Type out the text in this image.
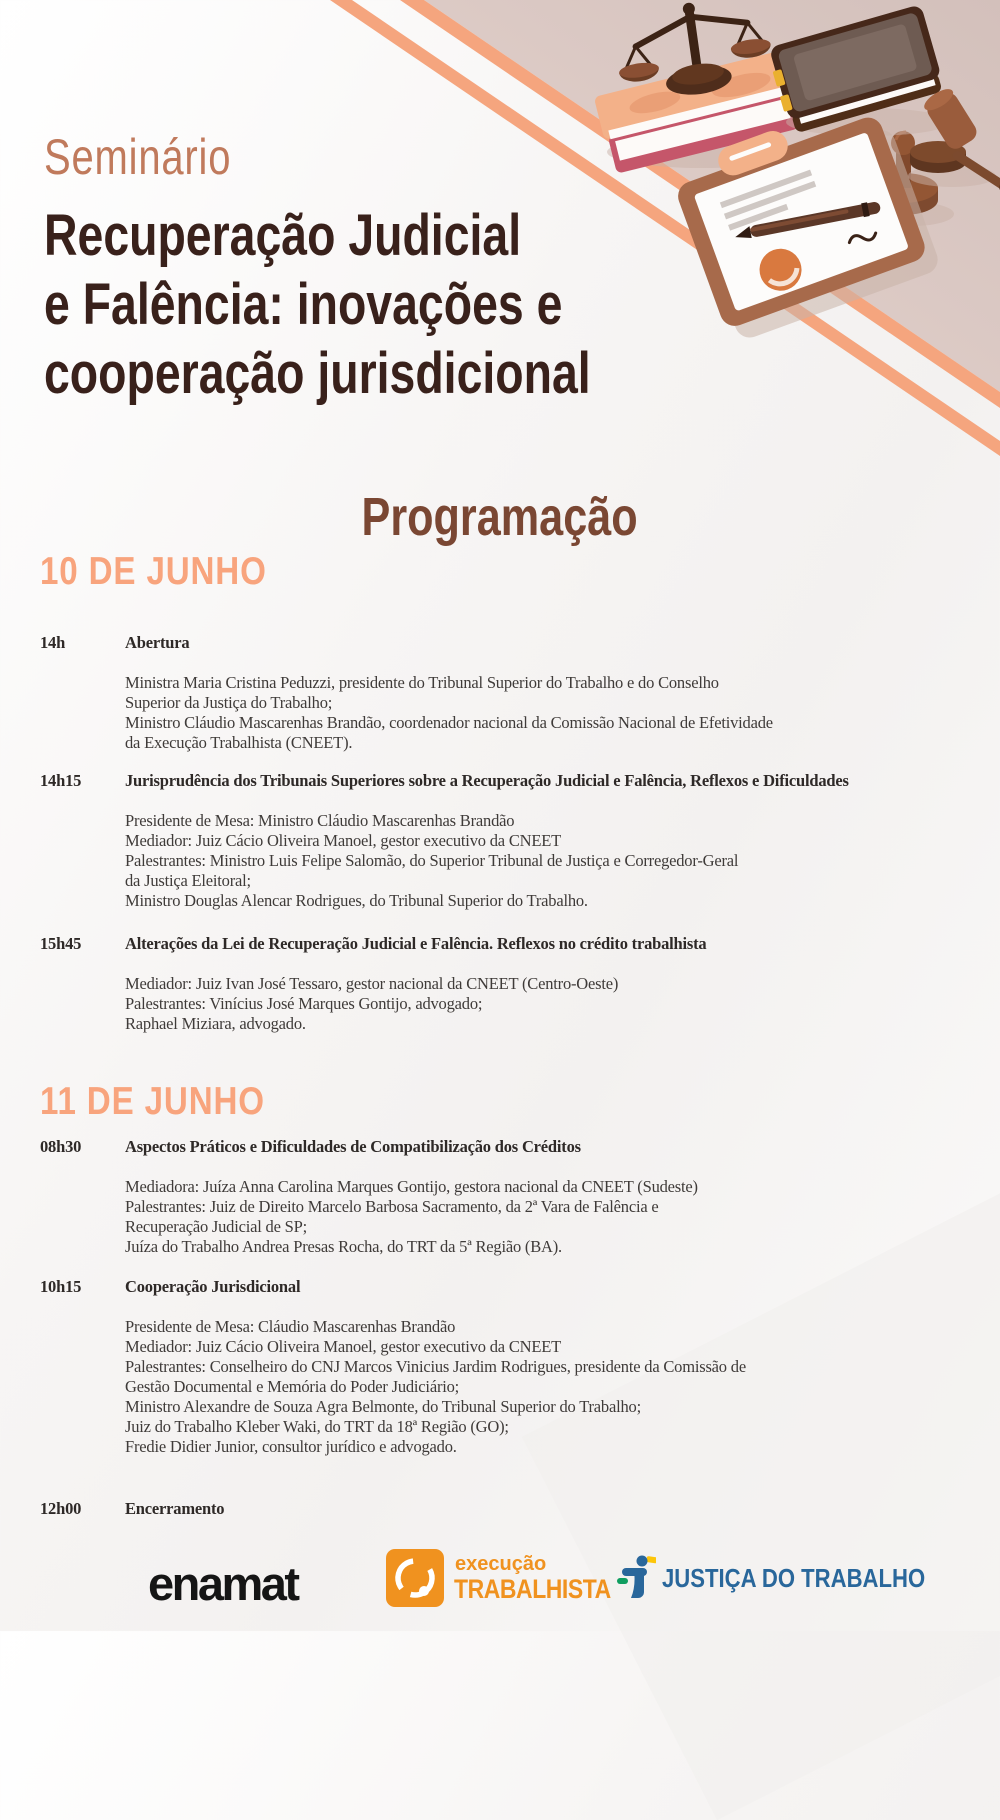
Seminário
Recuperação Judicial
e Falência: inovações e
cooperação jurisdicional
Programação
10 DE JUNHO
14h	Abertura
Ministra Maria Cristina Peduzzi, presidente do Tribunal Superior do Trabalho e do Conselho
Superior da Justiça do Trabalho;
Ministro Cláudio Mascarenhas Brandão, coordenador nacional da Comissão Nacional de Efetividade
da Execução Trabalhista (CNEET).
14h15	Jurisprudência dos Tribunais Superiores sobre a Recuperação Judicial e Falência, Reflexos e Dificuldades
Presidente de Mesa: Ministro Cláudio Mascarenhas Brandão
Mediador: Juiz Cácio Oliveira Manoel, gestor executivo da CNEET
Palestrantes: Ministro Luis Felipe Salomão, do Superior Tribunal de Justiça e Corregedor-Geral
da Justiça Eleitoral;
Ministro Douglas Alencar Rodrigues, do Tribunal Superior do Trabalho.
15h45	Alterações da Lei de Recuperação Judicial e Falência. Reflexos no crédito trabalhista
Mediador: Juiz Ivan José Tessaro, gestor nacional da CNEET (Centro-Oeste)
Palestrantes: Vinícius José Marques Gontijo, advogado;
Raphael Miziara, advogado.
11 DE JUNHO
08h30	Aspectos Práticos e Dificuldades de Compatibilização dos Créditos
Mediadora: Juíza Anna Carolina Marques Gontijo, gestora nacional da CNEET (Sudeste)
Palestrantes: Juiz de Direito Marcelo Barbosa Sacramento, da 2ª Vara de Falência e
Recuperação Judicial de SP;
Juíza do Trabalho Andrea Presas Rocha, do TRT da 5ª Região (BA).
10h15	Cooperação Jurisdicional
Presidente de Mesa: Cláudio Mascarenhas Brandão
Mediador: Juiz Cácio Oliveira Manoel, gestor executivo da CNEET
Palestrantes: Conselheiro do CNJ Marcos Vinicius Jardim Rodrigues, presidente da Comissão de
Gestão Documental e Memória do Poder Judiciário;
Ministro Alexandre de Souza Agra Belmonte, do Tribunal Superior do Trabalho;
Juiz do Trabalho Kleber Waki, do TRT da 18ª Região (GO);
Fredie Didier Junior, consultor jurídico e advogado.
12h00	Encerramento
enamat	execução
TRABALHISTA	JUSTIÇA DO TRABALHO
